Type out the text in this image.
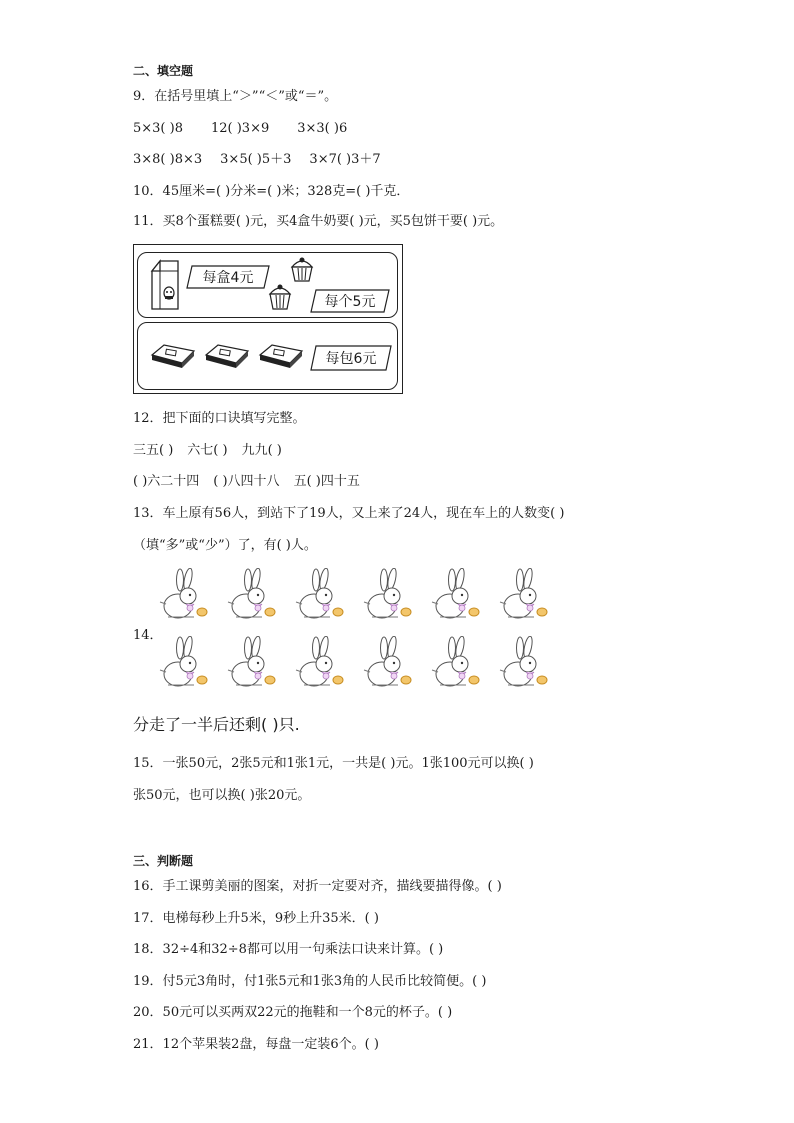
二、填空题
9．在括号里填上“＞”“＜”或“＝”。
5×3( )8 12( )3×9 3×3( )6
3×8( )8×3 3×5( )5＋3 3×7( )3＋7
10．45厘米=( )分米=( )米；328克=( )千克．
11．买8个蛋糕要( )元，买4盒牛奶要( )元，买5包饼干要( )元。
每盒4元
每个5元
每包6元
12．把下面的口诀填写完整。
三五( ) 六七( ) 九九( )
( )六二十四 ( )八四十八 五( )四十五
13．车上原有56人，到站下了19人，又上来了24人，现在车上的人数变( )
（填“多”或“少”）了，有( )人。
14．
分走了一半后还剩( )只.
15．一张50元，2张5元和1张1元，一共是( )元。1张100元可以换( )
张50元，也可以换( )张20元。
三、判断题
16．手工课剪美丽的图案，对折一定要对齐，描线要描得像。( )
17．电梯每秒上升5米，9秒上升35米．( )
18．32÷4和32÷8都可以用一句乘法口诀来计算。( )
19．付5元3角时，付1张5元和1张3角的人民币比较简便。( )
20．50元可以买两双22元的拖鞋和一个8元的杯子。( )
21．12个苹果装2盘，每盘一定装6个。( )
